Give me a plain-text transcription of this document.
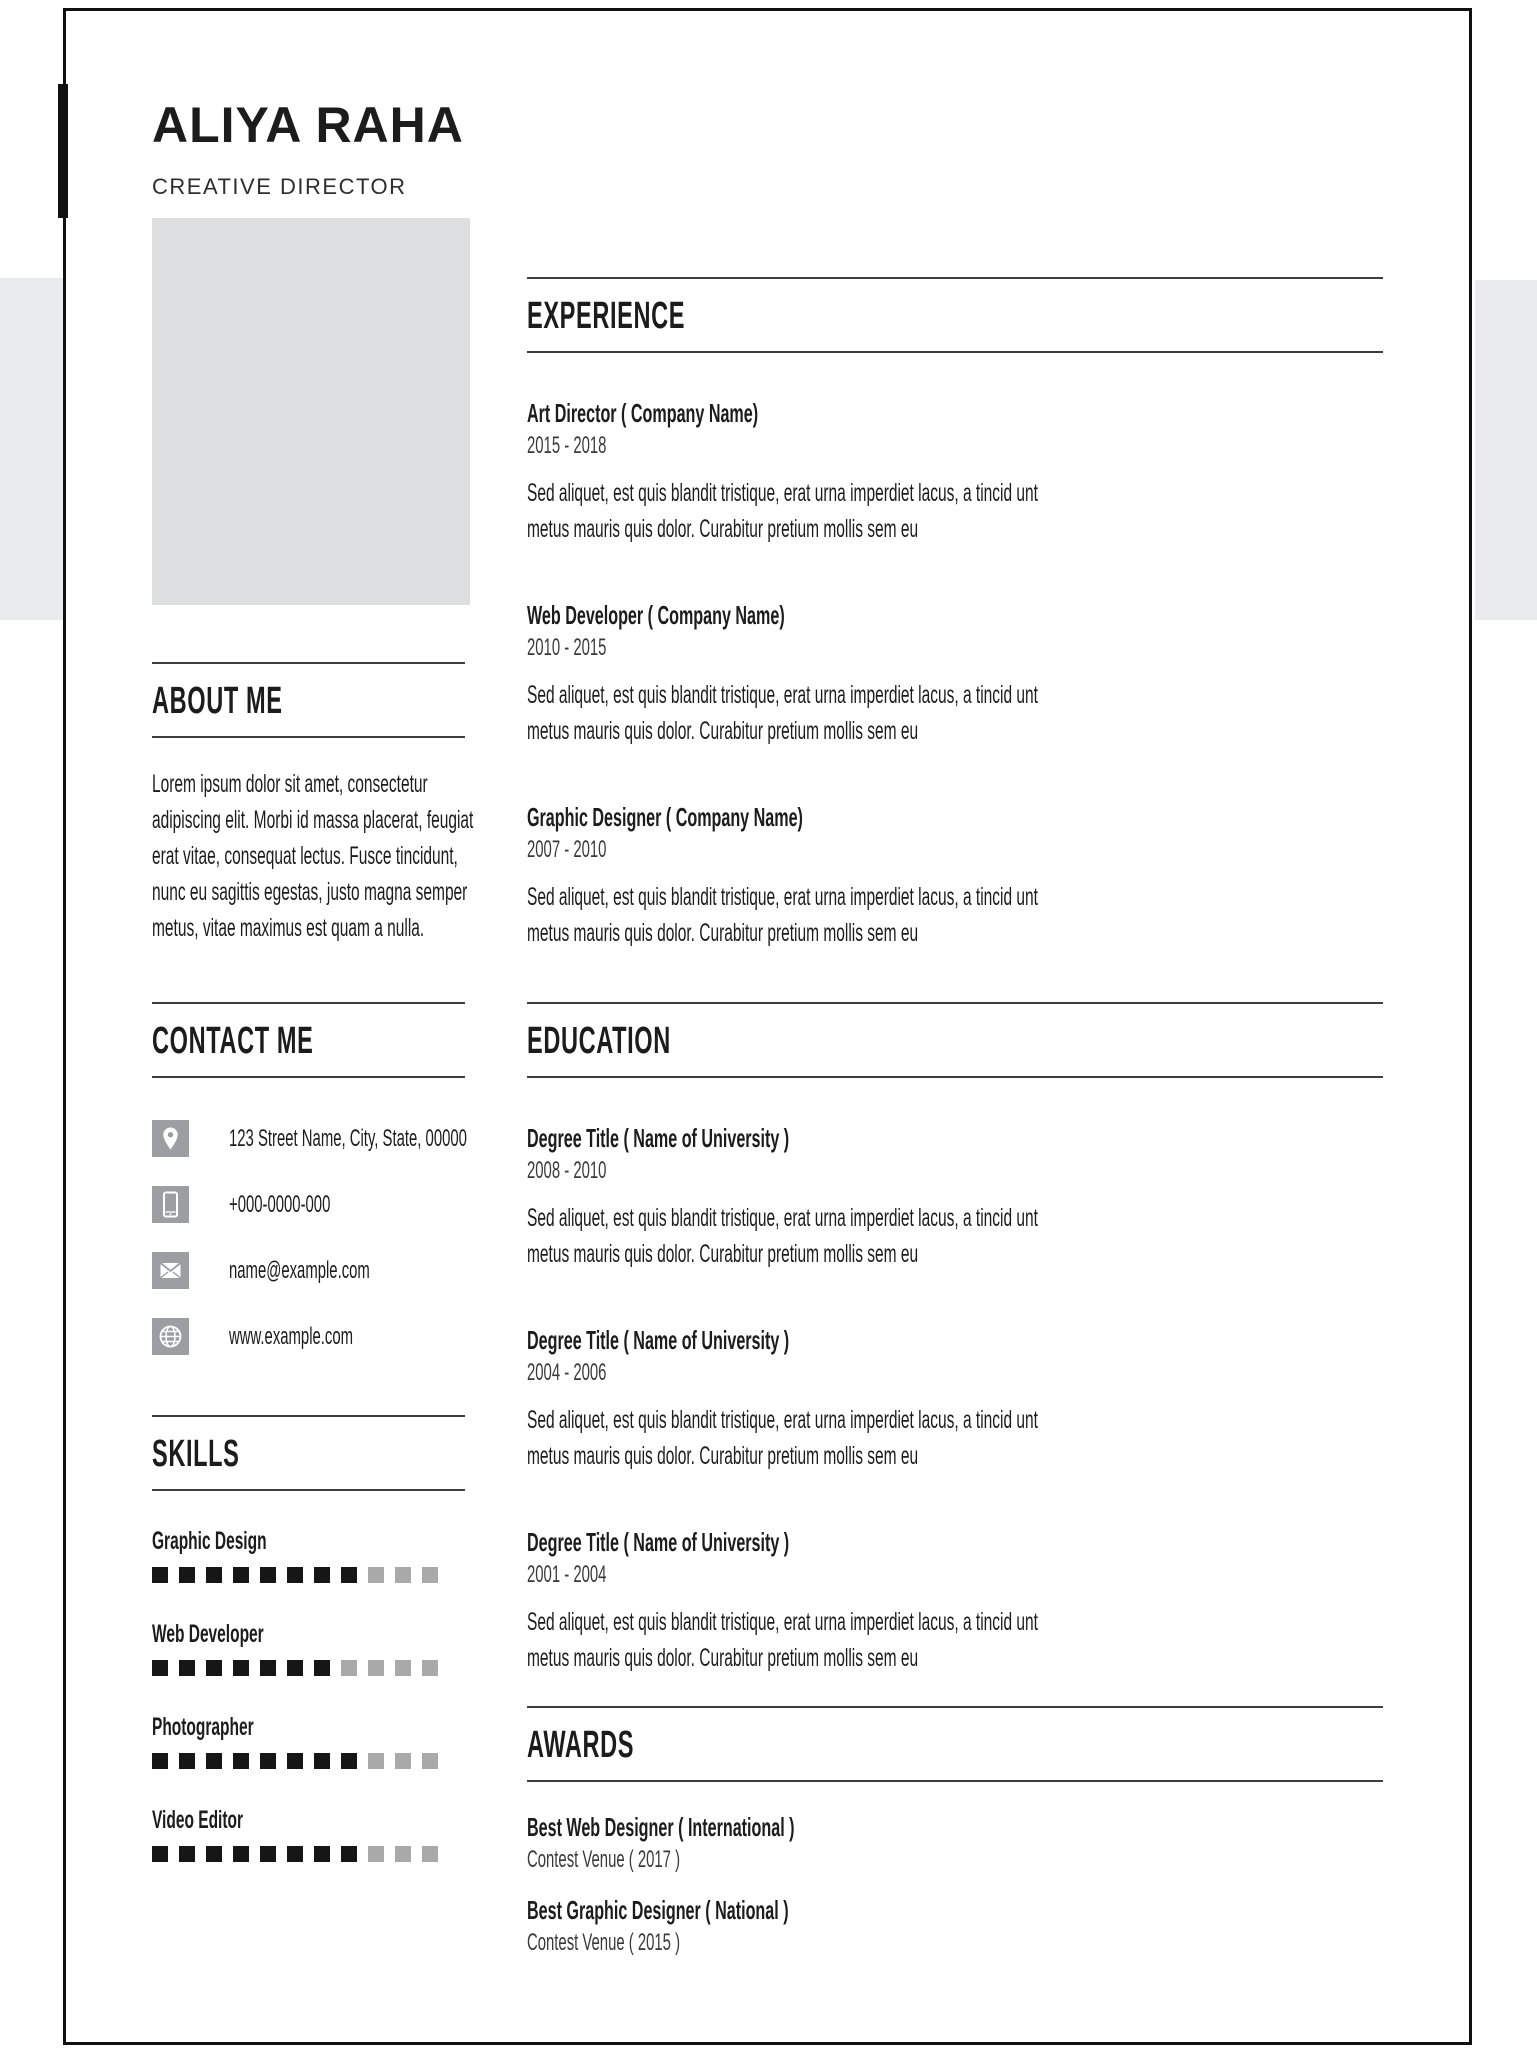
ALIYA RAHA
CREATIVE DIRECTOR
ABOUT ME

Lorem ipsum dolor sit amet, consectetur adipiscing elit. Morbi id massa placerat, feugiat erat vitae, consequat lectus. Fusce tincidunt, nunc eu sagittis egestas, justo magna semper metus, vitae maximus est quam a nulla.

CONTACT ME
123 Street Name, City, State, 00000
+000-0000-000
name@example.com
www.example.com
SKILLS
Graphic Design
Web Developer
Photographer
Video Editor
EXPERIENCE
Art Director ( Company Name)
2015 - 2018

Sed aliquet, est quis blandit tristique, erat urna imperdiet lacus, a tincid unt metus mauris quis dolor. Curabitur pretium mollis sem eu

Web Developer ( Company Name)
2010 - 2015

Sed aliquet, est quis blandit tristique, erat urna imperdiet lacus, a tincid unt metus mauris quis dolor. Curabitur pretium mollis sem eu

Graphic Designer ( Company Name)
2007 - 2010

Sed aliquet, est quis blandit tristique, erat urna imperdiet lacus, a tincid unt metus mauris quis dolor. Curabitur pretium mollis sem eu

EDUCATION
Degree Title ( Name of University )
2008 - 2010

Sed aliquet, est quis blandit tristique, erat urna imperdiet lacus, a tincid unt metus mauris quis dolor. Curabitur pretium mollis sem eu

Degree Title ( Name of University )
2004 - 2006

Sed aliquet, est quis blandit tristique, erat urna imperdiet lacus, a tincid unt metus mauris quis dolor. Curabitur pretium mollis sem eu

Degree Title ( Name of University )
2001 - 2004

Sed aliquet, est quis blandit tristique, erat urna imperdiet lacus, a tincid unt metus mauris quis dolor. Curabitur pretium mollis sem eu

AWARDS
Best Web Designer ( International )
Contest Venue ( 2017 )
Best Graphic Designer ( National )
Contest Venue ( 2015 )
